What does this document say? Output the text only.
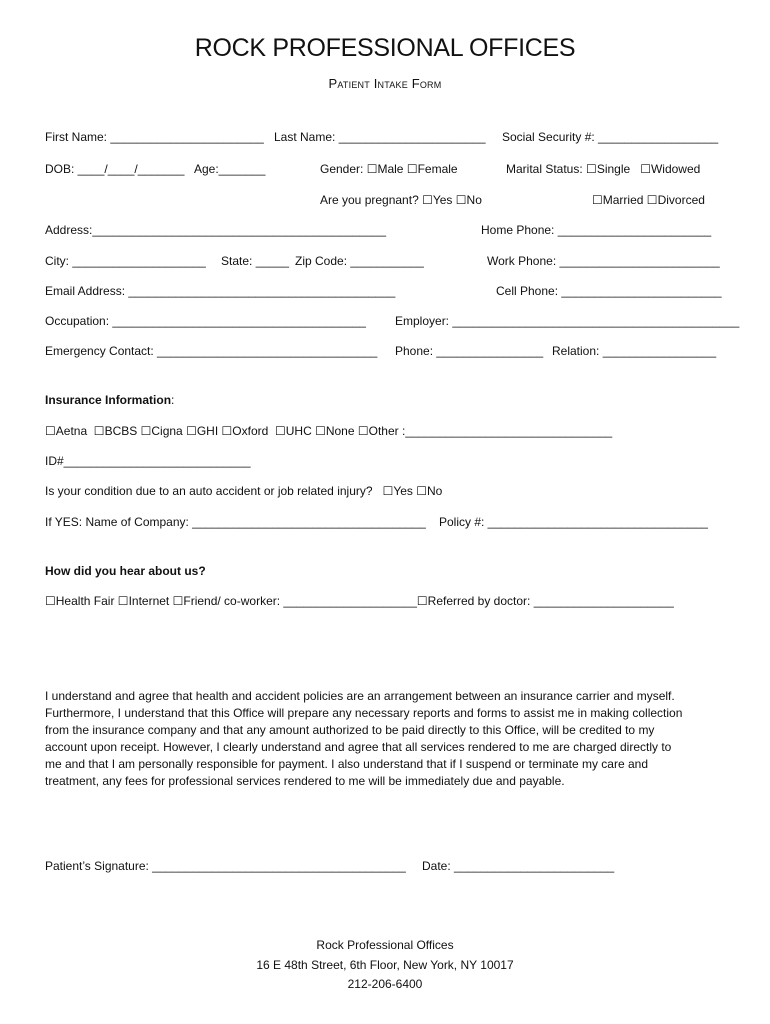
ROCK PROFESSIONAL OFFICES
Patient Intake Form
First Name: _______________________ Last Name: ______________________ Social Security #: __________________
DOB: ____/____/_______ Age:_______	Gender: ☐Male ☐Female	Marital Status: ☐Single ☐Widowed
Are you pregnant? ☐Yes ☐No	☐Married ☐Divorced
Address:____________________________________________	Home Phone: _______________________
City: ____________________ State: _____ Zip Code: ___________	Work Phone: ________________________
Email Address: ________________________________________	Cell Phone: ________________________
Occupation: ______________________________________ Employer: ___________________________________________
Emergency Contact: _________________________________ Phone: ________________ Relation: _________________
Insurance Information:
☐Aetna ☐BCBS ☐Cigna ☐GHI ☐Oxford ☐UHC ☐None ☐Other :_______________________________
ID#____________________________
Is your condition due to an auto accident or job related injury? ☐Yes ☐No
If YES: Name of Company: ___________________________________ Policy #: _________________________________
How did you hear about us?
☐Health Fair ☐Internet ☐Friend/ co-worker: ____________________☐Referred by doctor: _____________________
I understand and agree that health and accident policies are an arrangement between an insurance carrier and myself.
Furthermore, I understand that this Office will prepare any necessary reports and forms to assist me in making collection
from the insurance company and that any amount authorized to be paid directly to this Office, will be credited to my
account upon receipt. However, I clearly understand and agree that all services rendered to me are charged directly to
me and that I am personally responsible for payment. I also understand that if I suspend or terminate my care and
treatment, any fees for professional services rendered to me will be immediately due and payable.
Patient’s Signature: ______________________________________ Date: ________________________
Rock Professional Offices
16 E 48th Street, 6th Floor, New York, NY 10017
212-206-6400
